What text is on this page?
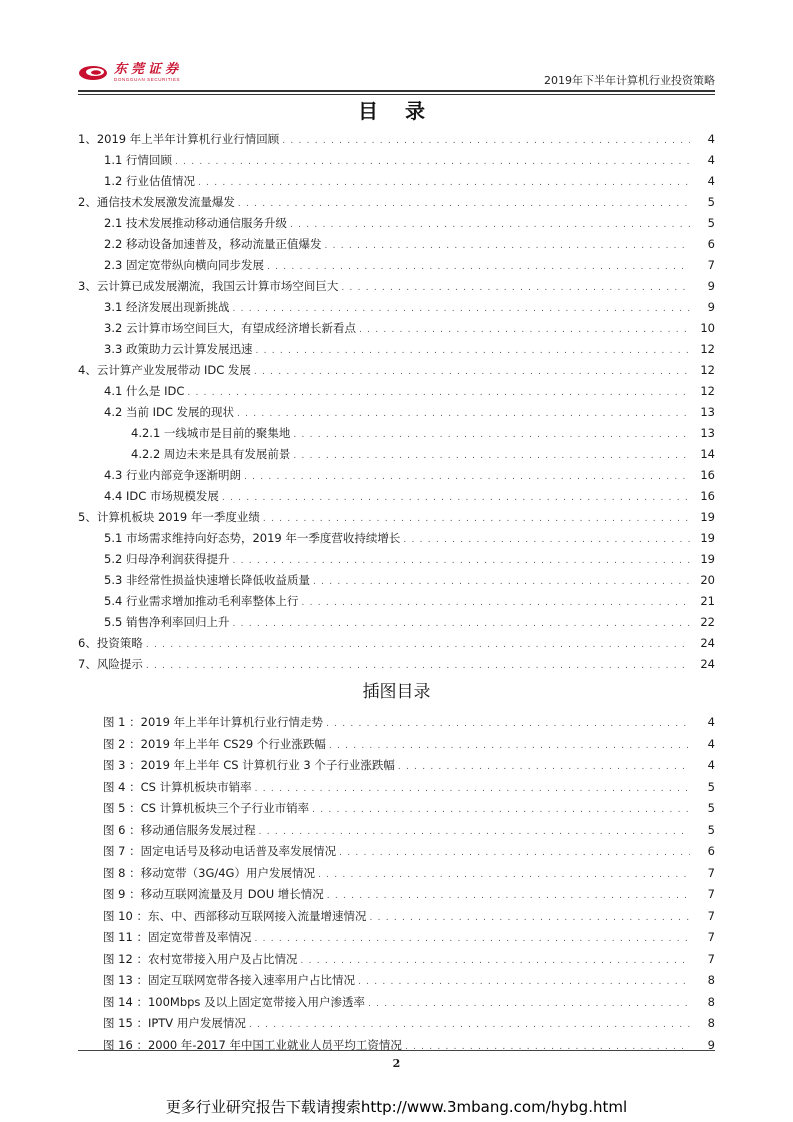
东莞证券
DONGGUAN SECURITIES	2019年下半年计算机行业投资策略
目 录
1、2019 年上半年计算机行业行情回顾 . . .	4
1.1 行情回顾 . . .	4
1.2 行业估值情况 . . .	4
2、通信技术发展激发流量爆发 . . .	5
2.1 技术发展推动移动通信服务升级 . . .	5
2.2 移动设备加速普及，移动流量正值爆发 . . .	6
2.3 固定宽带纵向横向同步发展 . . .	7
3、云计算已成发展潮流，我国云计算市场空间巨大 . . .	9
3.1 经济发展出现新挑战 . . .	9
3.2 云计算市场空间巨大，有望成经济增长新看点 . . .	10
3.3 政策助力云计算发展迅速 . . .	12
4、云计算产业发展带动 IDC 发展 . . .	12
4.1 什么是 IDC . . .	12
4.2 当前 IDC 发展的现状 . . .	13
4.2.1 一线城市是目前的聚集地 . . .	13
4.2.2 周边未来是具有发展前景 . . .	14
4.3 行业内部竞争逐渐明朗 . . .	16
4.4 IDC 市场规模发展 . . .	16
5、计算机板块 2019 年一季度业绩 . . .	19
5.1 市场需求维持向好态势，2019 年一季度营收持续增长 . . .	19
5.2 归母净利润获得提升 . . .	19
5.3 非经常性损益快速增长降低收益质量 . . .	20
5.4 行业需求增加推动毛利率整体上行 . . .	21
5.5 销售净利率回归上升 . . .	22
6、投资策略 . . .	24
7、风险提示 . . .	24
插图目录
图 1 ：2019 年上半年计算机行业行情走势 . . .	4
图 2 ：2019 年上半年 CS29 个行业涨跌幅 . . .	4
图 3 ：2019 年上半年 CS 计算机行业 3 个子行业涨跌幅 . . .	4
图 4 ：CS 计算机板块市销率 . . .	5
图 5 ：CS 计算机板块三个子行业市销率 . . .	5
图 6 ：移动通信服务发展过程 . . .	5
图 7 ：固定电话号及移动电话普及率发展情况 . . .	6
图 8 ：移动宽带（3G/4G）用户发展情况 . . .	7
图 9 ：移动互联网流量及月 DOU 增长情况 . . .	7
图 10 ：东、中、西部移动互联网接入流量增速情况 . . .	7
图 11 ：固定宽带普及率情况 . . .	7
图 12 ：农村宽带接入用户及占比情况 . . .	7
图 13 ：固定互联网宽带各接入速率用户占比情况 . . .	8
图 14 ：100Mbps 及以上固定宽带接入用户渗透率 . . .	8
图 15 ：IPTV 用户发展情况 . . .	8
图 16 ：2000 年-2017 年中国工业就业人员平均工资情况 . . .	9
2
更多行业研究报告下载请搜索http://www.3mbang.com/hybg.html
